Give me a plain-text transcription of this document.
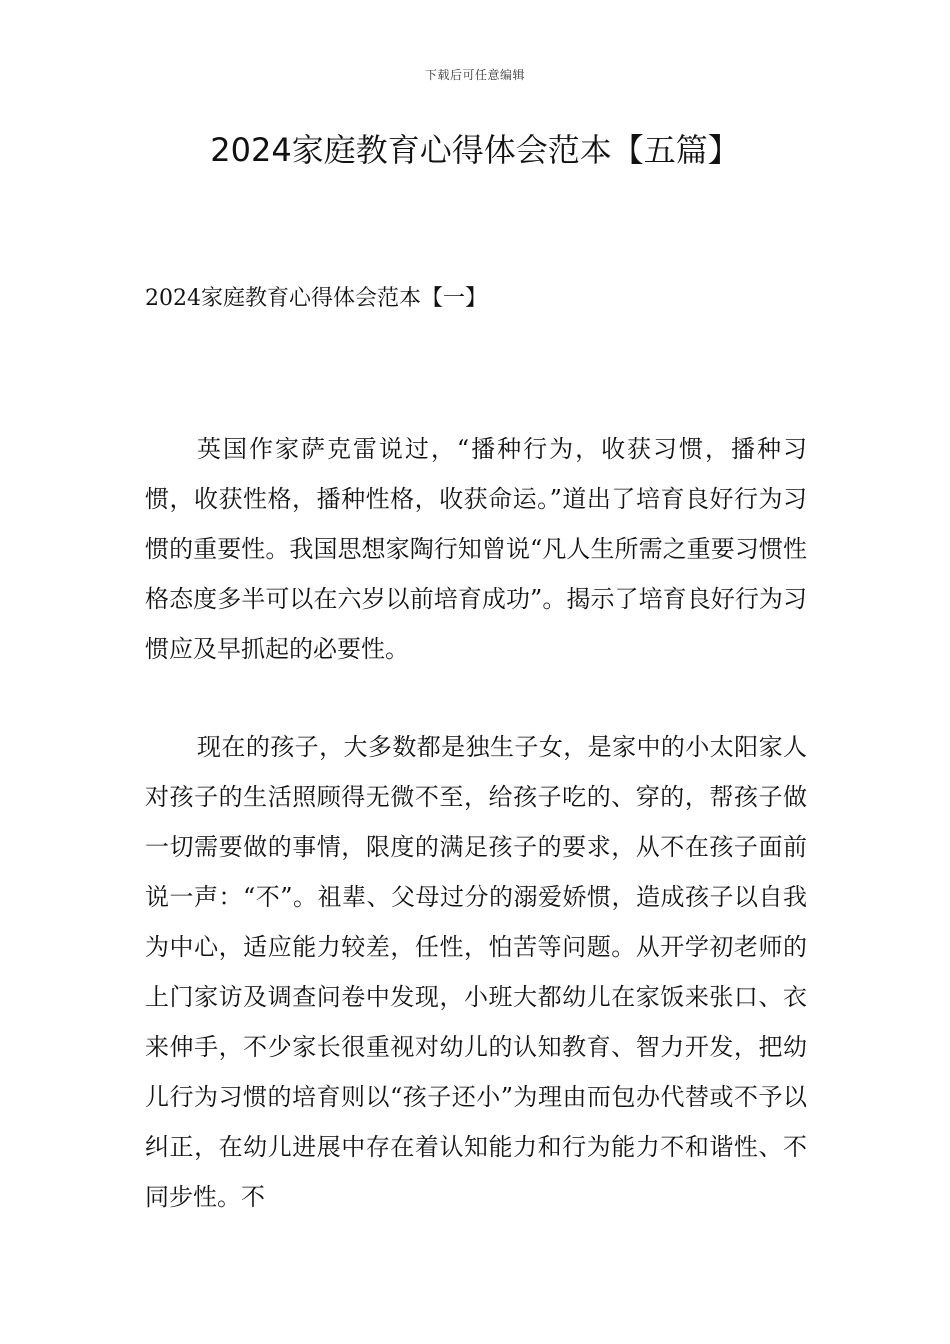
下载后可任意编辑
2024家庭教育心得体会范本【五篇】
2024家庭教育心得体会范本【一】

英国作家萨克雷说过，“播种行为，收获习惯，播种习惯，收获性格，播种性格，收获命运。”道出了培育良好行为习惯的重要性。我国思想家陶行知曾说“凡人生所需之重要习惯性格态度多半可以在六岁以前培育成功”。揭示了培育良好行为习惯应及早抓起的必要性。

现在的孩子，大多数都是独生子女，是家中的小太阳家人对孩子的生活照顾得无微不至，给孩子吃的、穿的，帮孩子做一切需要做的事情，限度的满足孩子的要求，从不在孩子面前说一声：“不”。祖辈、父母过分的溺爱娇惯，造成孩子以自我为中心，适应能力较差，任性，怕苦等问题。从开学初老师的上门家访及调查问卷中发现，小班大都幼儿在家饭来张口、衣来伸手，不少家长很重视对幼儿的认知教育、智力开发，把幼儿行为习惯的培育则以“孩子还小”为理由而包办代替或不予以纠正，在幼儿进展中存在着认知能力和行为能力不和谐性、不同步性。不
